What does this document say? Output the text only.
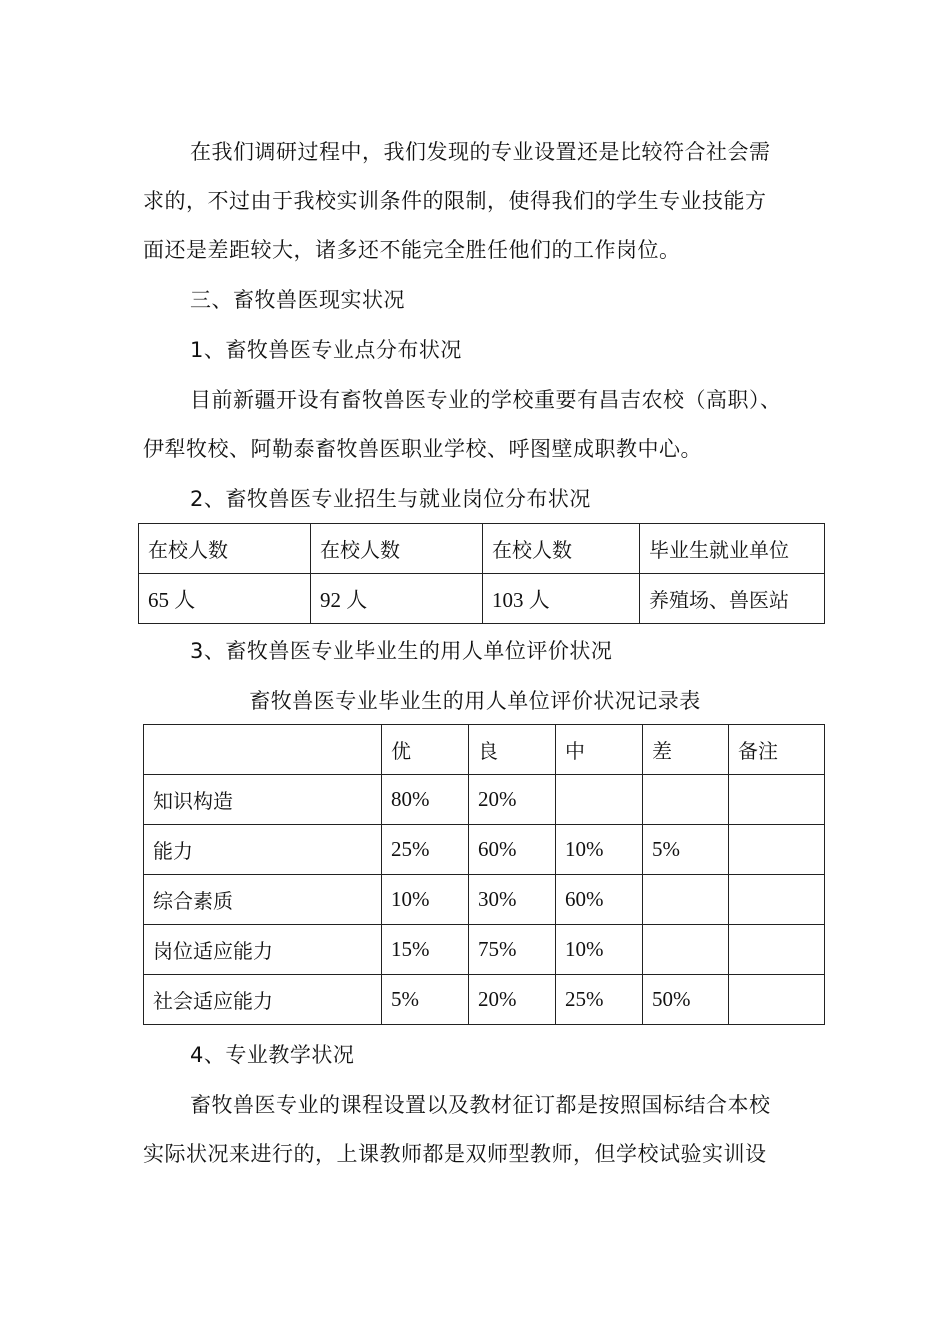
在我们调研过程中，我们发现的专业设置还是比较符合社会需
求的，不过由于我校实训条件的限制，使得我们的学生专业技能方
面还是差距较大，诸多还不能完全胜任他们的工作岗位。
三、畜牧兽医现实状况
1、畜牧兽医专业点分布状况
目前新疆开设有畜牧兽医专业的学校重要有昌吉农校（高职）、
伊犁牧校、阿勒泰畜牧兽医职业学校、呼图壁成职教中心。
2、畜牧兽医专业招生与就业岗位分布状况
在校人数	在校人数	在校人数	毕业生就业单位
65 人	92 人	103 人	养殖场、兽医站
3、畜牧兽医专业毕业生的用人单位评价状况
畜牧兽医专业毕业生的用人单位评价状况记录表
	优	良	中	差	备注
知识构造	80%	20%			
能力	25%	60%	10%	5%	
综合素质	10%	30%	60%		
岗位适应能力	15%	75%	10%		
社会适应能力	5%	20%	25%	50%	
4、专业教学状况
畜牧兽医专业的课程设置以及教材征订都是按照国标结合本校
实际状况来进行的，上课教师都是双师型教师，但学校试验实训设
